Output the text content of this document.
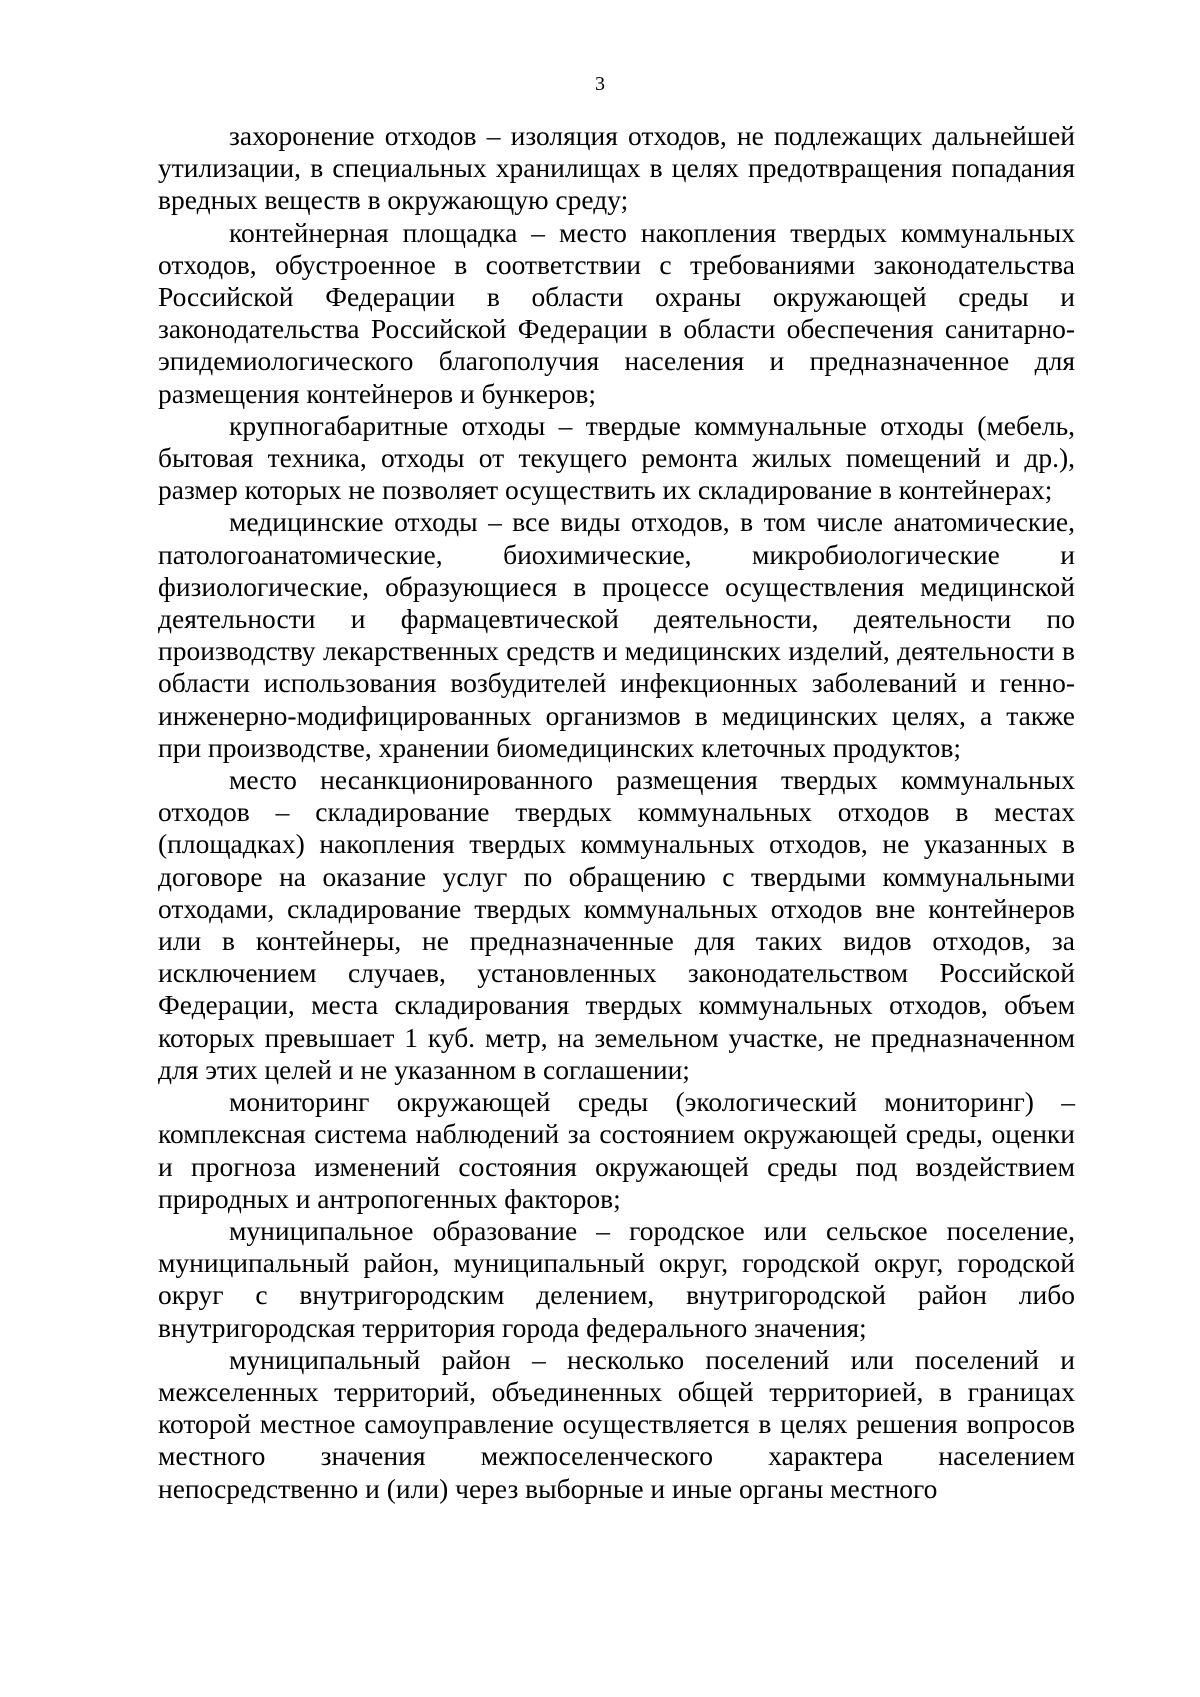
3

захоронение отходов – изоляция отходов, не подлежащих дальнейшей утилизации, в специальных хранилищах в целях предотвращения попадания вредных веществ в окружающую среду;

контейнерная площадка – место накопления твердых коммунальных отходов, обустроенное в соответствии с требованиями законодательства Российской Федерации в области охраны окружающей среды и законодательства Российской Федерации в области обеспечения санитарно-эпидемиологического благополучия населения и предназначенное для размещения контейнеров и бункеров;

крупногабаритные отходы – твердые коммунальные отходы (мебель, бытовая техника, отходы от текущего ремонта жилых помещений и др.), размер которых не позволяет осуществить их складирование в контейнерах;

медицинские отходы – все виды отходов, в том числе анатомические, патологоанатомические, биохимические, микробиологические и физиологические, образующиеся в процессе осуществления медицинской деятельности и фармацевтической деятельности, деятельности по производству лекарственных средств и медицинских изделий, деятельности в области использования возбудителей инфекционных заболеваний и генно-инженерно-модифицированных организмов в медицинских целях, а также при производстве, хранении биомедицинских клеточных продуктов;

место несанкционированного размещения твердых коммунальных отходов – складирование твердых коммунальных отходов в местах (площадках) накопления твердых коммунальных отходов, не указанных в договоре на оказание услуг по обращению с твердыми коммунальными отходами, складирование твердых коммунальных отходов вне контейнеров или в контейнеры, не предназначенные для таких видов отходов, за исключением случаев, установленных законодательством Российской Федерации, места складирования твердых коммунальных отходов, объем которых превышает 1 куб. метр, на земельном участке, не предназначенном для этих целей и не указанном в соглашении;

мониторинг окружающей среды (экологический мониторинг) – комплексная система наблюдений за состоянием окружающей среды, оценки и прогноза изменений состояния окружающей среды под воздействием природных и антропогенных факторов;

муниципальное образование – городское или сельское поселение, муниципальный район, муниципальный округ, городской округ, городской округ с внутригородским делением, внутригородской район либо внутригородская территория города федерального значения;

муниципальный район – несколько поселений или поселений и межселенных территорий, объединенных общей территорией, в границах которой местное самоуправление осуществляется в целях решения вопросов местного значения межпоселенческого характера населением непосредственно и (или) через выборные и иные органы местного
